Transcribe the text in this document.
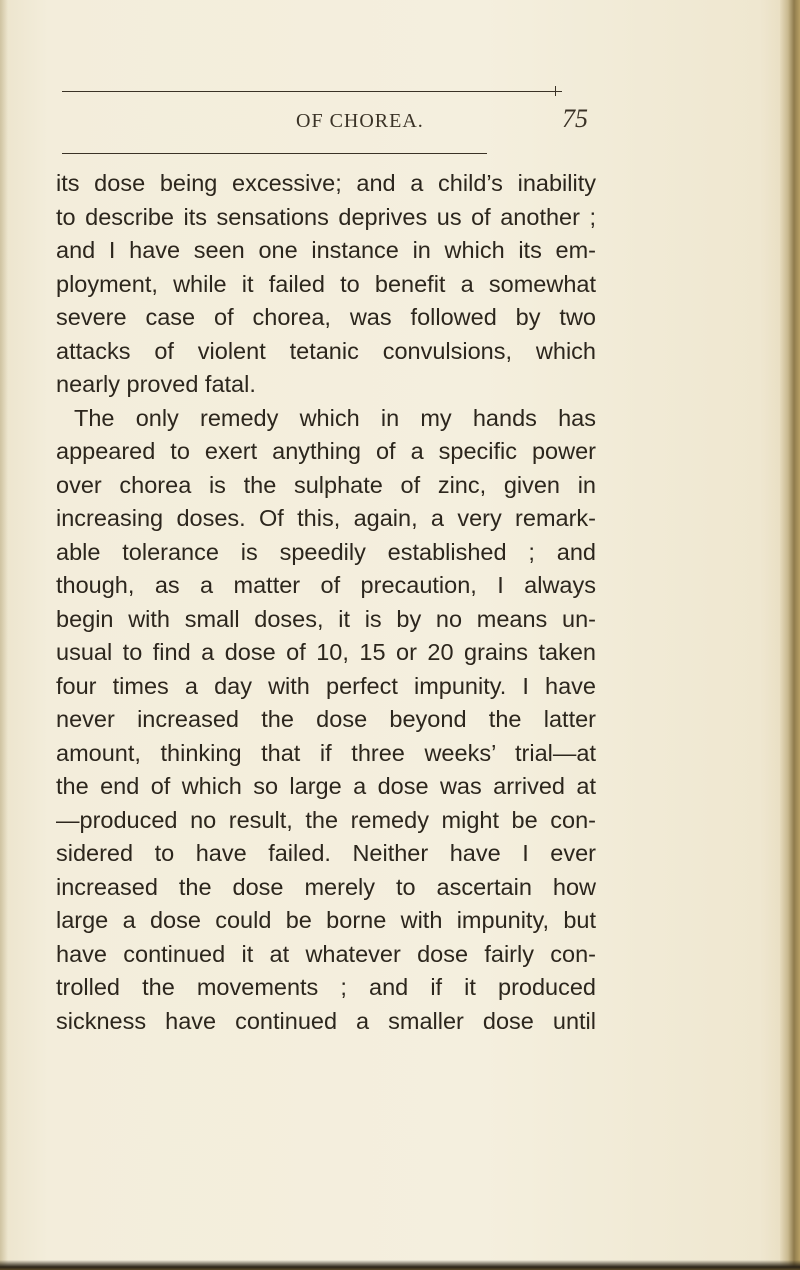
OF CHOREA.	75
its dose being excessive; and a child’s inability
to describe its sensations deprives us of another ;
and I have seen one instance in which its em-
ployment, while it failed to benefit a somewhat
severe case of chorea, was followed by two
attacks of violent tetanic convulsions, which
nearly proved fatal.
The only remedy which in my hands has
appeared to exert anything of a specific power
over chorea is the sulphate of zinc, given in
increasing doses. Of this, again, a very remark-
able tolerance is speedily established ; and
though, as a matter of precaution, I always
begin with small doses, it is by no means un-
usual to find a dose of 10, 15 or 20 grains taken
four times a day with perfect impunity. I have
never increased the dose beyond the latter
amount, thinking that if three weeks’ trial—at
the end of which so large a dose was arrived at
—produced no result, the remedy might be con-
sidered to have failed. Neither have I ever
increased the dose merely to ascertain how
large a dose could be borne with impunity, but
have continued it at whatever dose fairly con-
trolled the movements ; and if it produced
sickness have continued a smaller dose until
